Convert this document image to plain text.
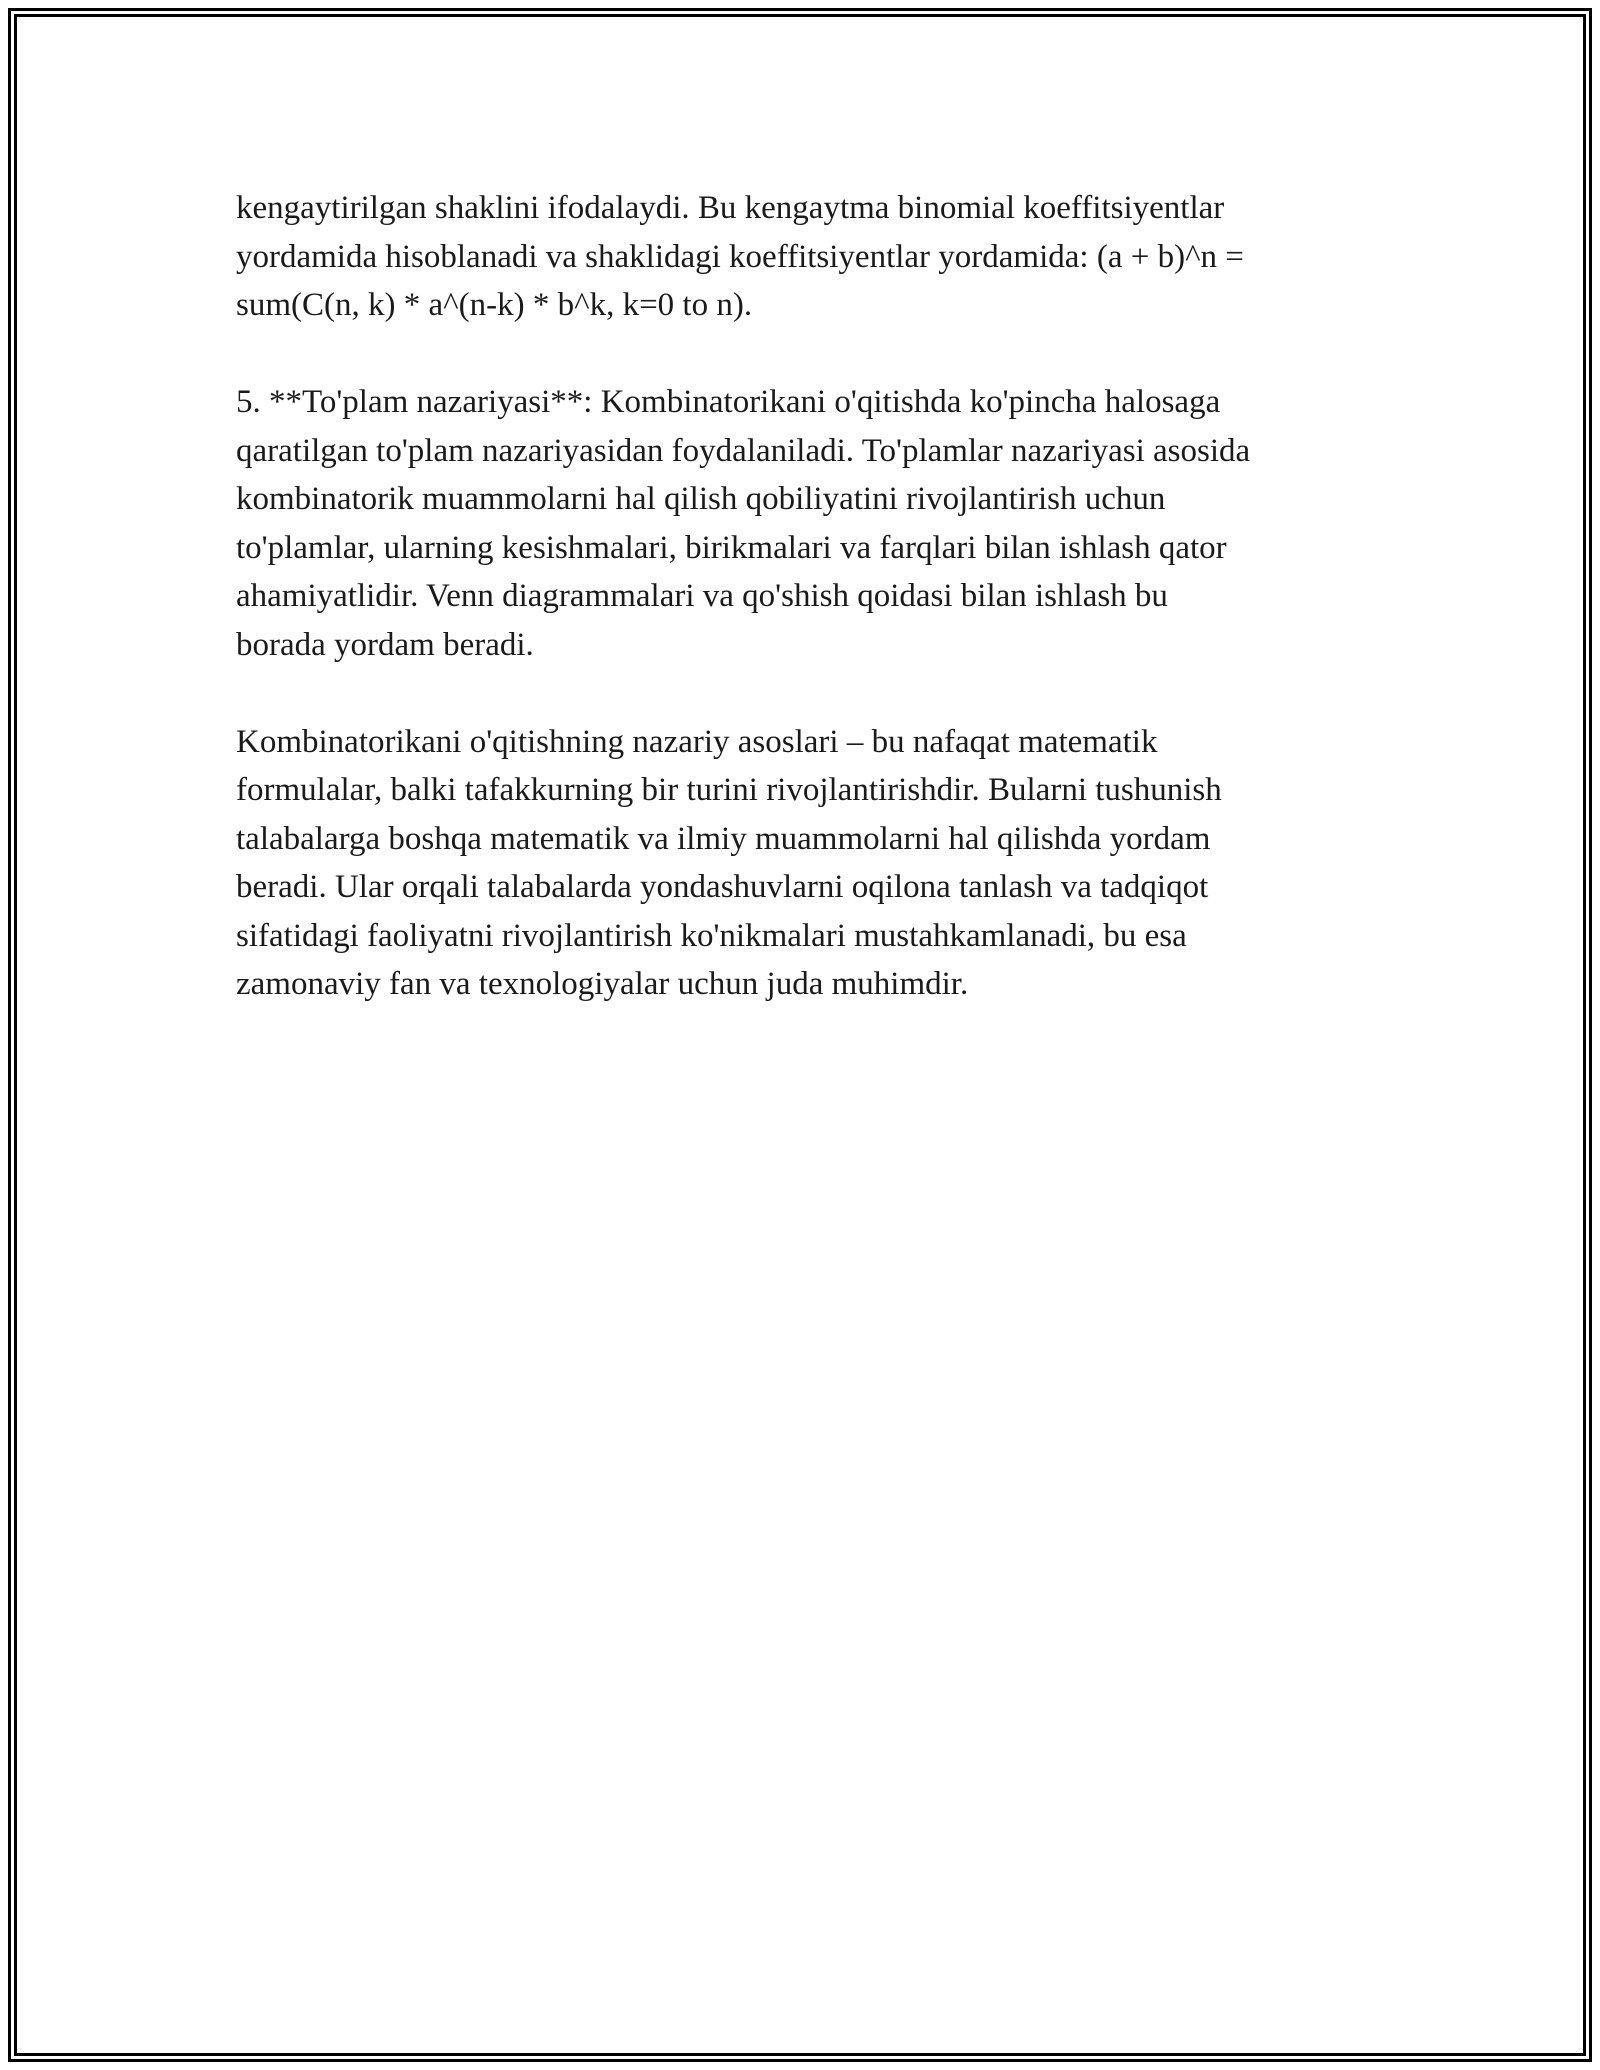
kengaytirilgan shaklini ifodalaydi. Bu kengaytma binomial koeffitsiyentlar
yordamida hisoblanadi va shaklidagi koeffitsiyentlar yordamida: (a + b)^n =
sum(C(n, k) * a^(n-k) * b^k, k=0 to n).

5. **To'plam nazariyasi**: Kombinatorikani o'qitishda ko'pincha halosaga
qaratilgan to'plam nazariyasidan foydalaniladi. To'plamlar nazariyasi asosida
kombinatorik muammolarni hal qilish qobiliyatini rivojlantirish uchun
to'plamlar, ularning kesishmalari, birikmalari va farqlari bilan ishlash qator
ahamiyatlidir. Venn diagrammalari va qo'shish qoidasi bilan ishlash bu
borada yordam beradi.

Kombinatorikani o'qitishning nazariy asoslari – bu nafaqat matematik
formulalar, balki tafakkurning bir turini rivojlantirishdir. Bularni tushunish
talabalarga boshqa matematik va ilmiy muammolarni hal qilishda yordam
beradi. Ular orqali talabalarda yondashuvlarni oqilona tanlash va tadqiqot
sifatidagi faoliyatni rivojlantirish ko'nikmalari mustahkamlanadi, bu esa
zamonaviy fan va texnologiyalar uchun juda muhimdir.
